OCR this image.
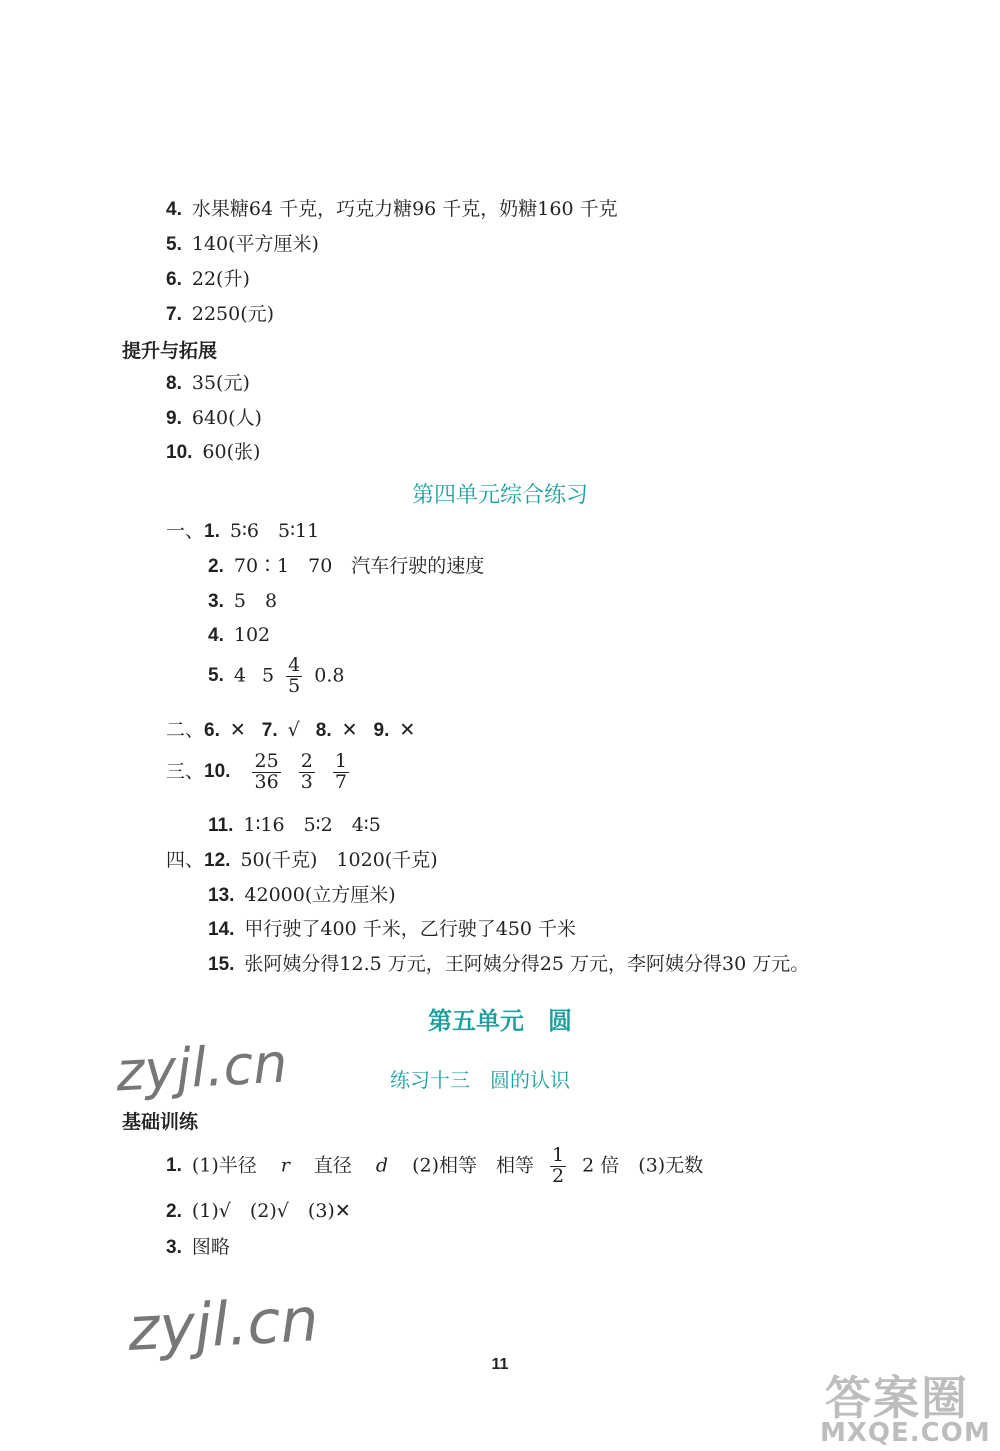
4. 水果糖64 千克，巧克力糖96 千克，奶糖160 千克
5. 140(平方厘米)
6. 22(升)
7. 2250(元)
提升与拓展
8. 35(元)
9. 640(人)
10. 60(张)
第四单元综合练习
一、1. 5∶6　5∶11
2. 70∶1　70　汽车行驶的速度
3. 5　8
4. 102
5. 4 $5 \frac{4}{5} 0.8$
二、6. ✕ 7. √ 8. ✕ 9. ✕
三、10. $\frac{25}{36}$
$\frac{2}{3}$
$\frac{1}{7}$
11. 1∶16　5∶2　4∶5
四、12. 50(千克)　1020(千克)
13. 42000(立方厘米)
14. 甲行驶了400 千米，乙行驶了450 千米
15. 张阿姨分得12.5 万元，王阿姨分得25 万元，李阿姨分得30 万元。
第五单元　圆
zyjl.cn	练习十三　圆的认识
基础训练
1. (1)半径 r 直径 d (2)相等　相等 $\frac{1}{2} 2$ 倍　(3)无数
2. (1)√　(2)√　(3)✕
3. 图略
zyjl.cn	11
答案圈
MXQE.COM
